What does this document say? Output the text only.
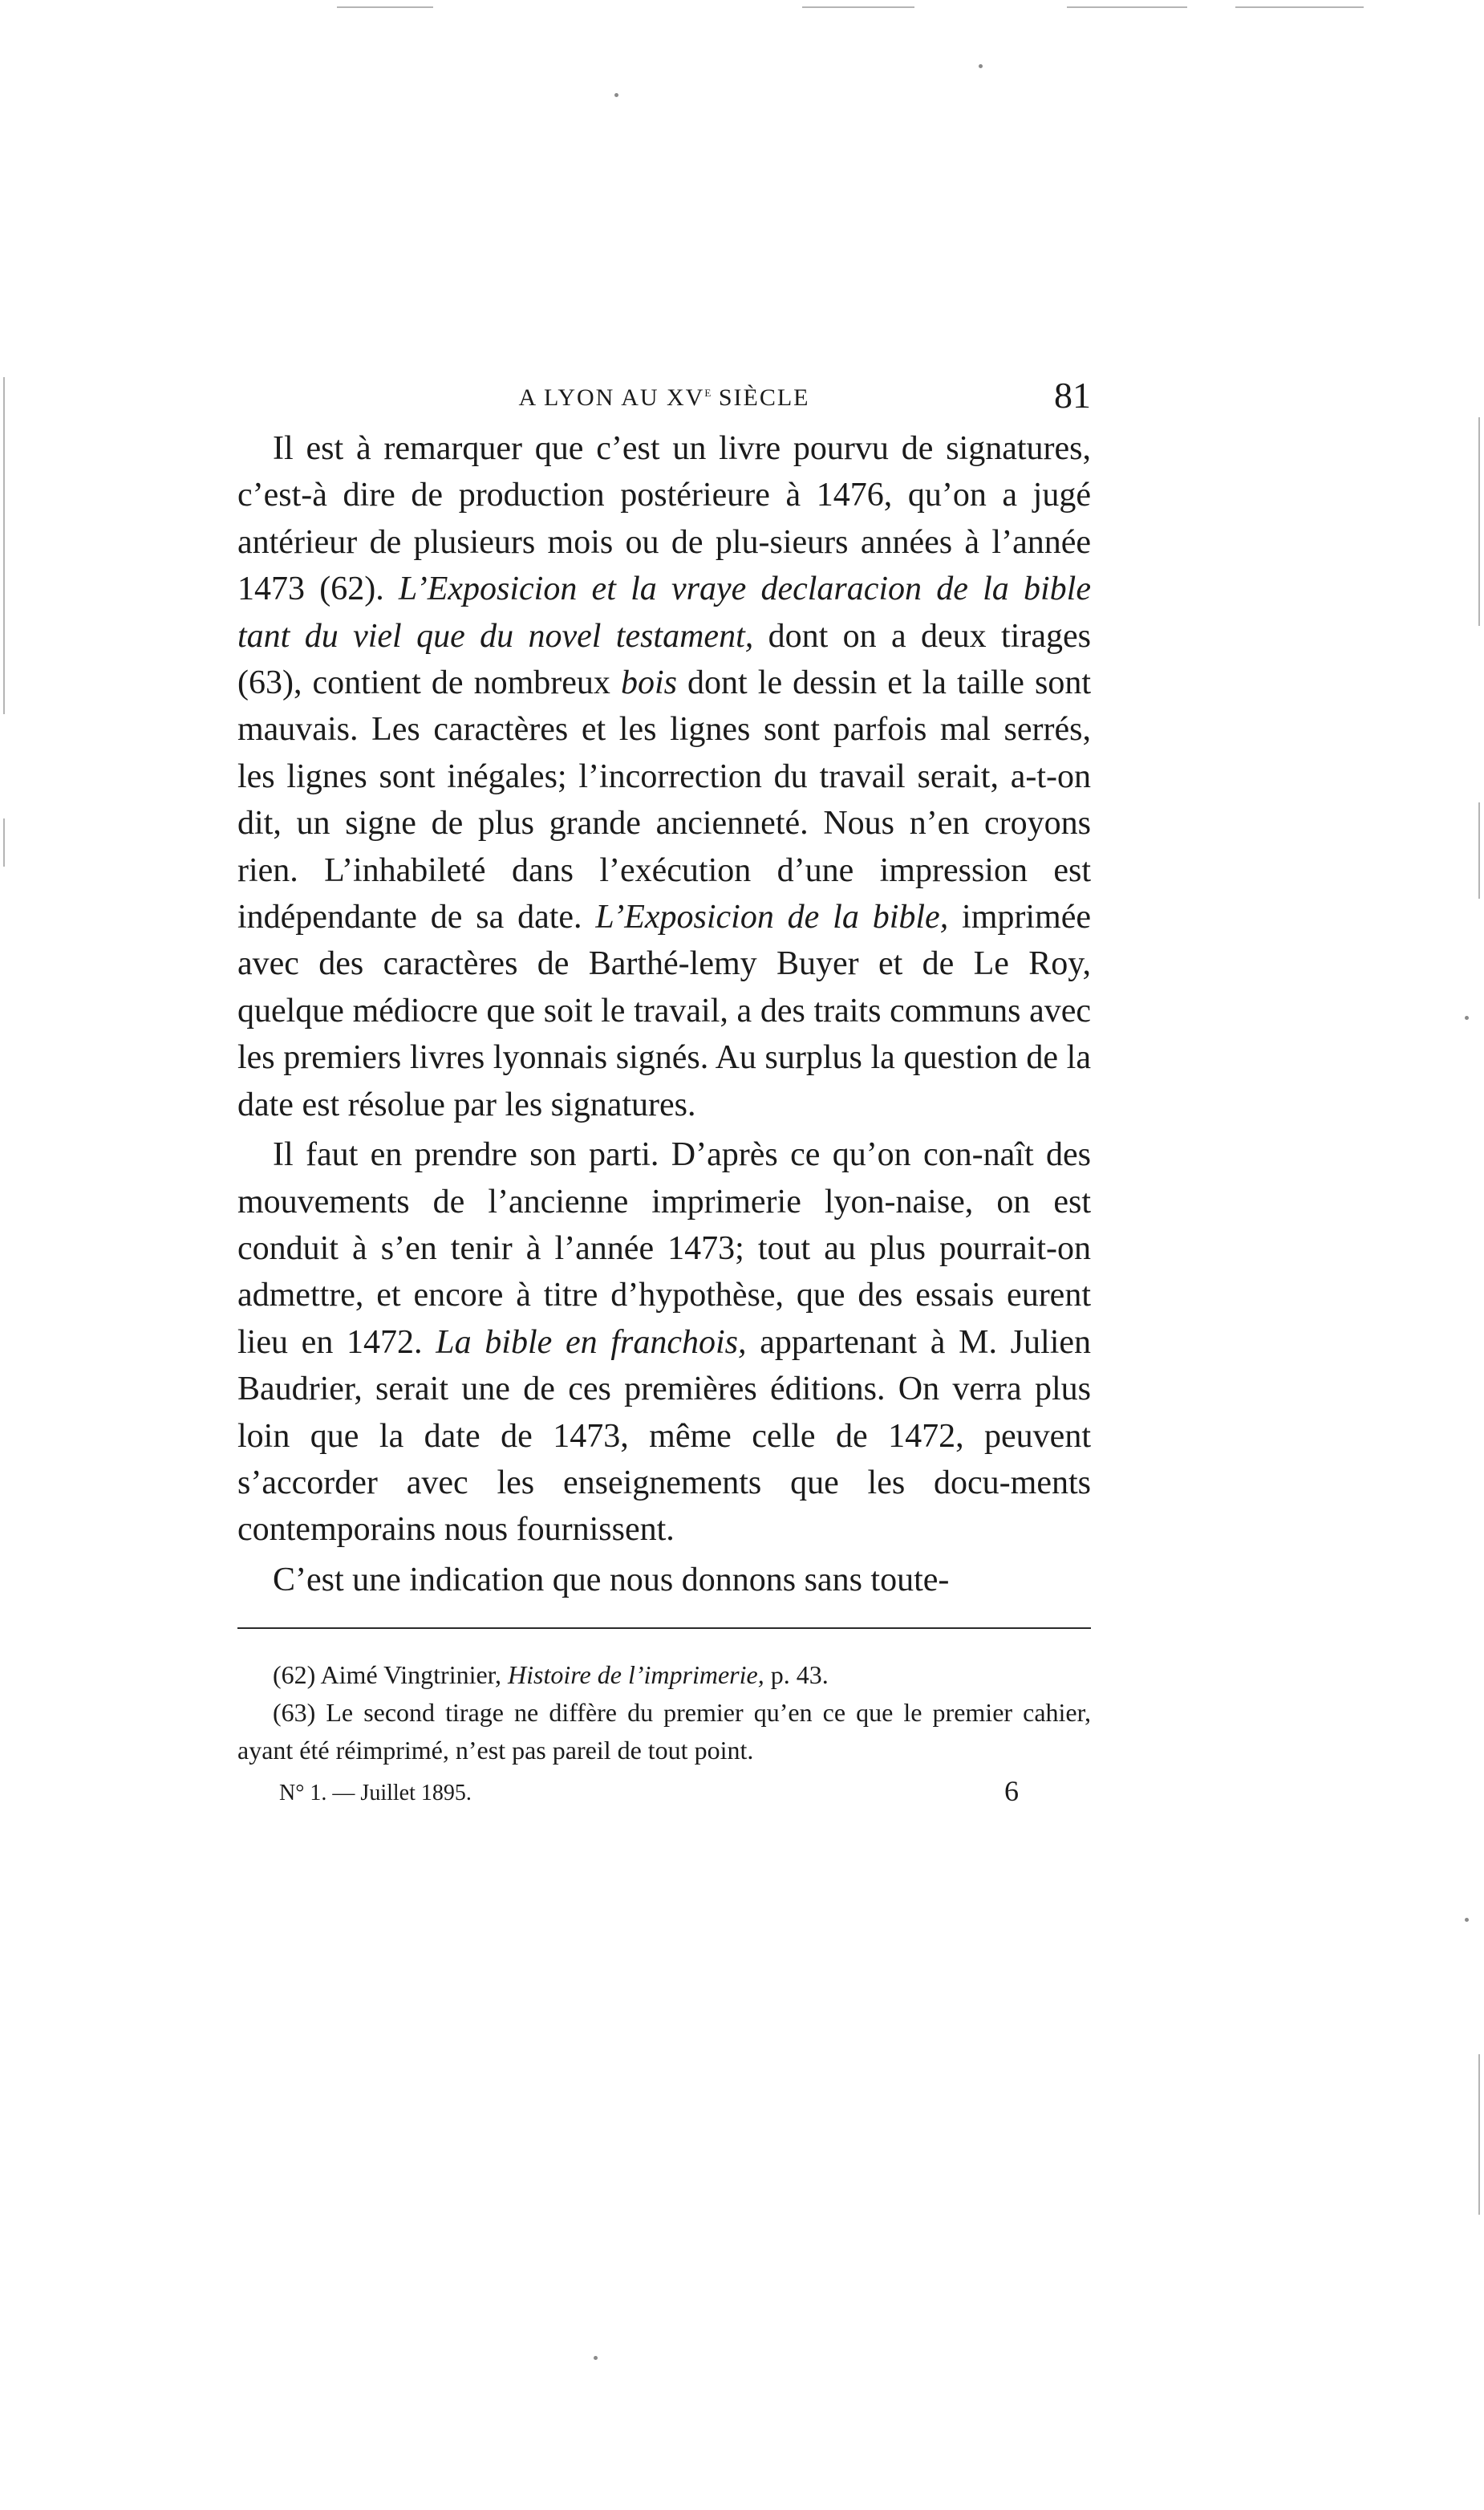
A LYON AU XVe SIÈCLE	81

Il est à remarquer que c’est un livre pourvu de signatures, c’est-à dire de production postérieure à 1476, qu’on a jugé antérieur de plusieurs mois ou de plu-sieurs années à l’année 1473 (62). L’Exposicion et la vraye declaracion de la bible tant du viel que du novel testament, dont on a deux tirages (63), contient de nombreux bois dont le dessin et la taille sont mauvais. Les caractères et les lignes sont parfois mal serrés, les lignes sont inégales; l’incorrection du travail serait, a-t-on dit, un signe de plus grande ancienneté. Nous n’en croyons rien. L’inhabileté dans l’exécution d’une impression est indépendante de sa date. L’Exposicion de la bible, imprimée avec des caractères de Barthé-lemy Buyer et de Le Roy, quelque médiocre que soit le travail, a des traits communs avec les premiers livres lyonnais signés. Au surplus la question de la date est résolue par les signatures.

Il faut en prendre son parti. D’après ce qu’on con-naît des mouvements de l’ancienne imprimerie lyon-naise, on est conduit à s’en tenir à l’année 1473; tout au plus pourrait-on admettre, et encore à titre d’hypothèse, que des essais eurent lieu en 1472. La bible en franchois, appartenant à M. Julien Baudrier, serait une de ces premières éditions. On verra plus loin que la date de 1473, même celle de 1472, peuvent s’accorder avec les enseignements que les docu-ments contemporains nous fournissent.

C’est une indication que nous donnons sans toute-

(62) Aimé Vingtrinier, Histoire de l’imprimerie, p. 43.

(63) Le second tirage ne diffère du premier qu’en ce que le premier cahier, ayant été réimprimé, n’est pas pareil de tout point.

N° 1. — Juillet 1895.	6
